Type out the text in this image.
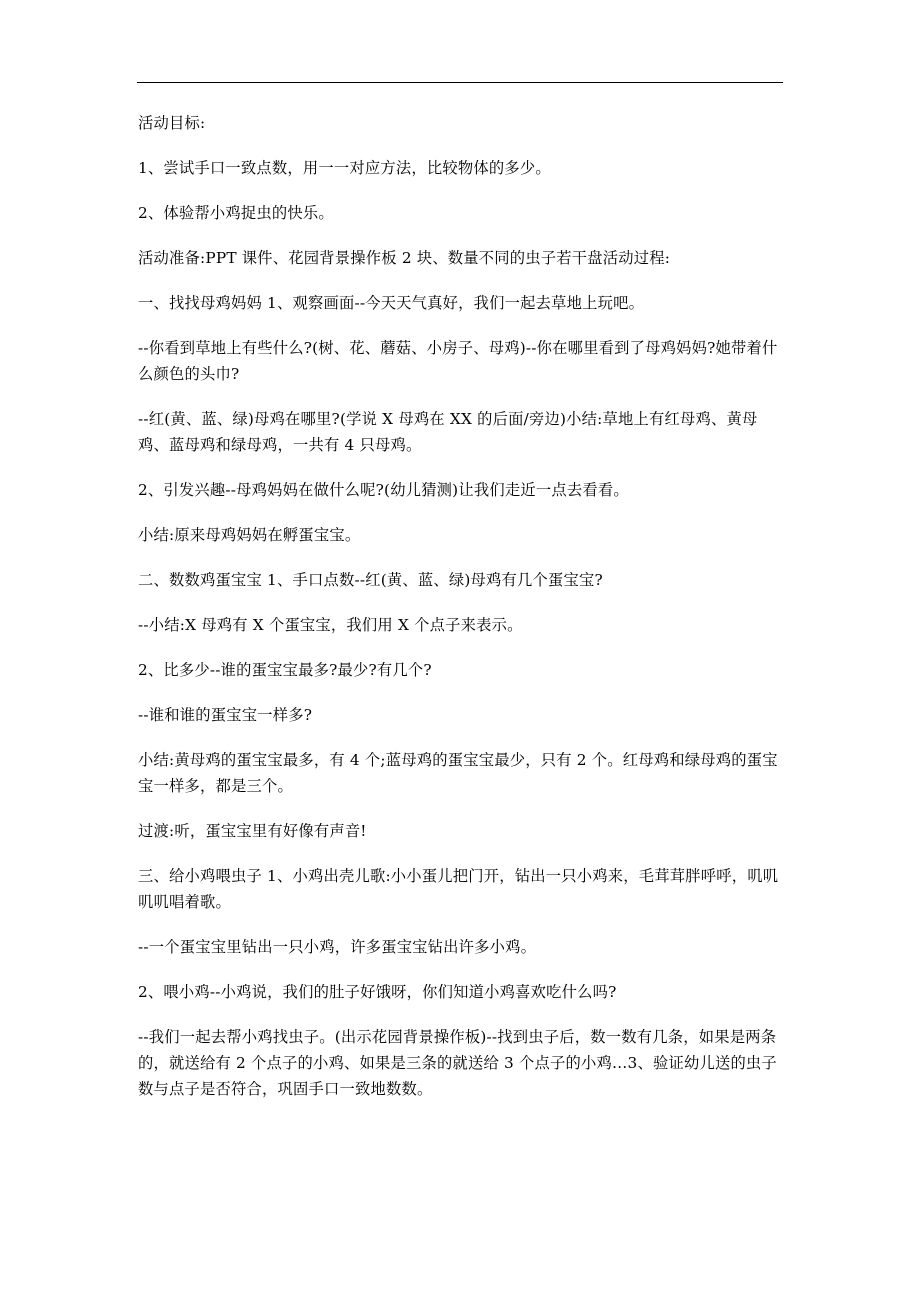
活动目标:

1、尝试手口一致点数，用一一对应方法，比较物体的多少。

2、体验帮小鸡捉虫的快乐。

活动准备:PPT 课件、花园背景操作板 2 块、数量不同的虫子若干盘活动过程:

一、找找母鸡妈妈 1、观察画面--今天天气真好，我们一起去草地上玩吧。

--你看到草地上有些什么?(树、花、蘑菇、小房子、母鸡)--你在哪里看到了母鸡妈妈?她带着什么颜色的头巾?

--红(黄、蓝、绿)母鸡在哪里?(学说 X 母鸡在 XX 的后面/旁边)小结:草地上有红母鸡、黄母鸡、蓝母鸡和绿母鸡，一共有 4 只母鸡。

2、引发兴趣--母鸡妈妈在做什么呢?(幼儿猜测)让我们走近一点去看看。

小结:原来母鸡妈妈在孵蛋宝宝。

二、数数鸡蛋宝宝 1、手口点数--红(黄、蓝、绿)母鸡有几个蛋宝宝?

--小结:X 母鸡有 X 个蛋宝宝，我们用 X 个点子来表示。

2、比多少--谁的蛋宝宝最多?最少?有几个?

--谁和谁的蛋宝宝一样多?

小结:黄母鸡的蛋宝宝最多，有 4 个;蓝母鸡的蛋宝宝最少，只有 2 个。红母鸡和绿母鸡的蛋宝宝一样多，都是三个。

过渡:听，蛋宝宝里有好像有声音!

三、给小鸡喂虫子 1、小鸡出壳儿歌:小小蛋儿把门开，钻出一只小鸡来，毛茸茸胖呼呼，叽叽叽叽唱着歌。

--一个蛋宝宝里钻出一只小鸡，许多蛋宝宝钻出许多小鸡。

2、喂小鸡--小鸡说，我们的肚子好饿呀，你们知道小鸡喜欢吃什么吗?

--我们一起去帮小鸡找虫子。(出示花园背景操作板)--找到虫子后，数一数有几条，如果是两条的，就送给有 2 个点子的小鸡、如果是三条的就送给 3 个点子的小鸡…3、验证幼儿送的虫子数与点子是否符合，巩固手口一致地数数。
